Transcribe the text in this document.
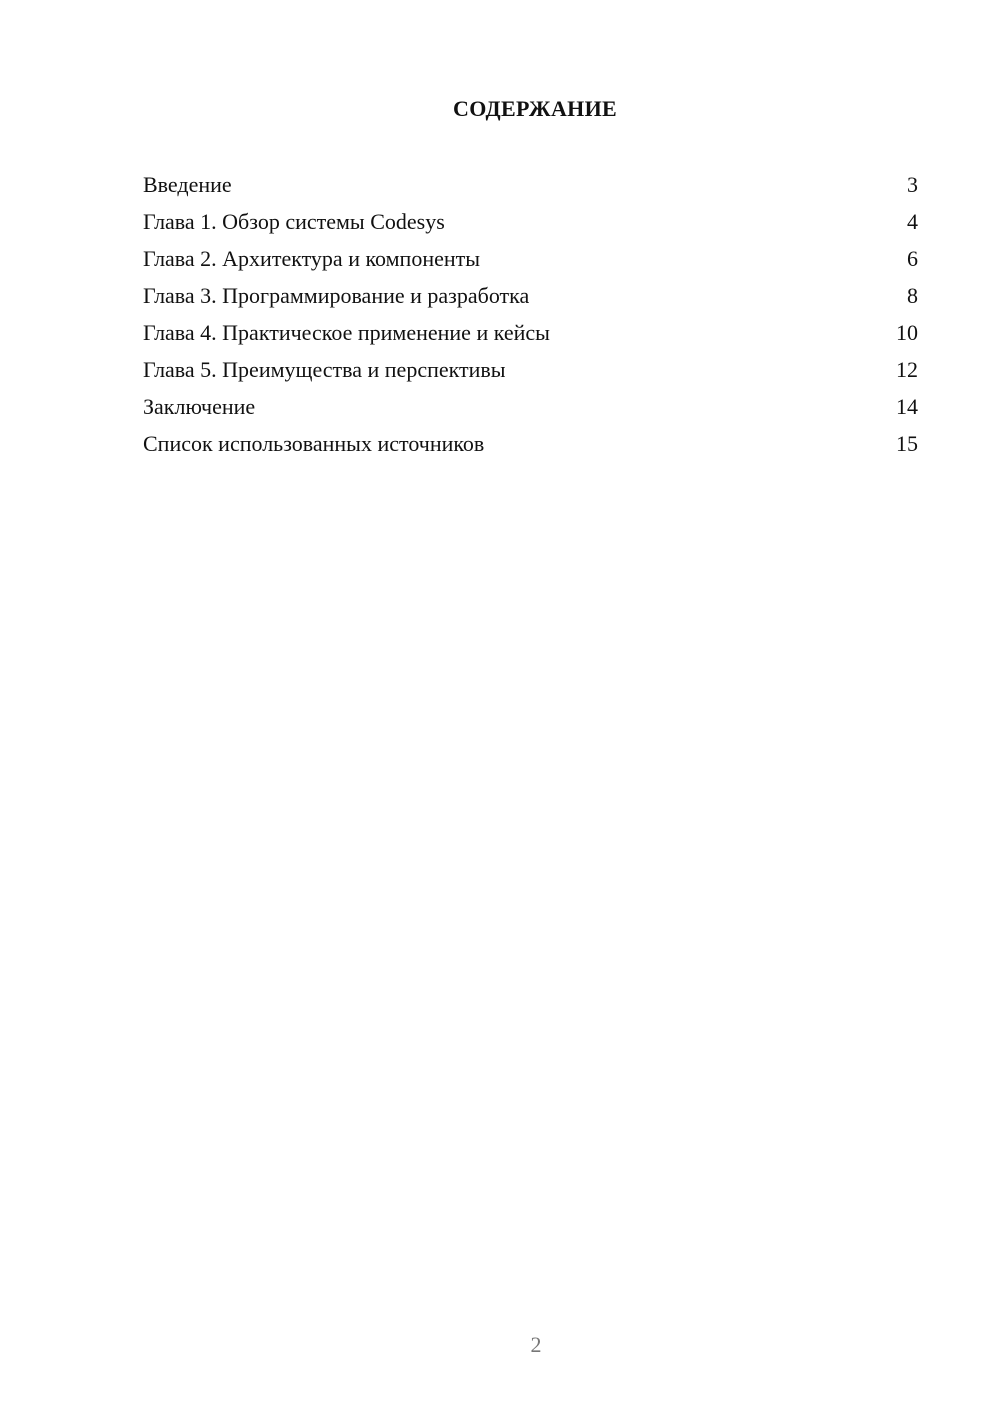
СОДЕРЖАНИЕ
Введение	3
Глава 1. Обзор системы Codesys	4
Глава 2. Архитектура и компоненты	6
Глава 3. Программирование и разработка	8
Глава 4. Практическое применение и кейсы	10
Глава 5. Преимущества и перспективы	12
Заключение	14
Список использованных источников	15
2
